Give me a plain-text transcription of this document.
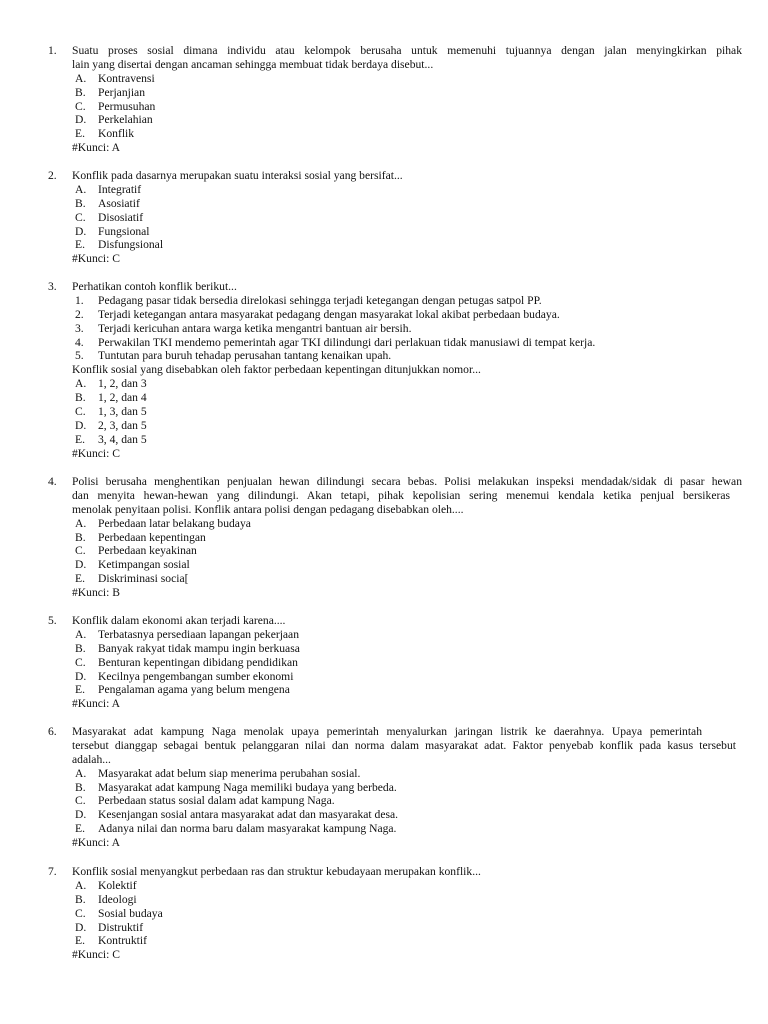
1. Suatu proses sosial dimana individu atau kelompok berusaha untuk memenuhi tujuannya dengan jalan menyingkirkan pihak
lain yang disertai dengan ancaman sehingga membuat tidak berdaya disebut...
A. Kontravensi
B. Perjanjian
C. Permusuhan
D. Perkelahian
E. Konflik
#Kunci: A
2. Konflik pada dasarnya merupakan suatu interaksi sosial yang bersifat...
A. Integratif
B. Asosiatif
C. Disosiatif
D. Fungsional
E. Disfungsional
#Kunci: C
3. Perhatikan contoh konflik berikut...
1. Pedagang pasar tidak bersedia direlokasi sehingga terjadi ketegangan dengan petugas satpol PP.
2. Terjadi ketegangan antara masyarakat pedagang dengan masyarakat lokal akibat perbedaan budaya.
3. Terjadi kericuhan antara warga ketika mengantri bantuan air bersih.
4. Perwakilan TKI mendemo pemerintah agar TKI dilindungi dari perlakuan tidak manusiawi di tempat kerja.
5. Tuntutan para buruh tehadap perusahan tantang kenaikan upah.
Konflik sosial yang disebabkan oleh faktor perbedaan kepentingan ditunjukkan nomor...
A. 1, 2, dan 3
B. 1, 2, dan 4
C. 1, 3, dan 5
D. 2, 3, dan 5
E. 3, 4, dan 5
#Kunci: C
4. Polisi berusaha menghentikan penjualan hewan dilindungi secara bebas. Polisi melakukan inspeksi mendadak/sidak di pasar hewan
dan menyita hewan-hewan yang dilindungi. Akan tetapi, pihak kepolisian sering menemui kendala ketika penjual bersikeras
menolak penyitaan polisi. Konflik antara polisi dengan pedagang disebabkan oleh....
A. Perbedaan latar belakang budaya
B. Perbedaan kepentingan
C. Perbedaan keyakinan
D. Ketimpangan sosial
E. Diskriminasi socia[
#Kunci: B
5. Konflik dalam ekonomi akan terjadi karena....
A. Terbatasnya persediaan lapangan pekerjaan
B. Banyak rakyat tidak mampu ingin berkuasa
C. Benturan kepentingan dibidang pendidikan
D. Kecilnya pengembangan sumber ekonomi
E. Pengalaman agama yang belum mengena
#Kunci: A
6. Masyarakat adat kampung Naga menolak upaya pemerintah menyalurkan jaringan listrik ke daerahnya. Upaya pemerintah
tersebut dianggap sebagai bentuk pelanggaran nilai dan norma dalam masyarakat adat. Faktor penyebab konflik pada kasus tersebut
adalah...
A. Masyarakat adat belum siap menerima perubahan sosial.
B. Masyarakat adat kampung Naga memiliki budaya yang berbeda.
C. Perbedaan status sosial dalam adat kampung Naga.
D. Kesenjangan sosial antara masyarakat adat dan masyarakat desa.
E. Adanya nilai dan norma baru dalam masyarakat kampung Naga.
#Kunci: A
7. Konflik sosial menyangkut perbedaan ras dan struktur kebudayaan merupakan konflik...
A. Kolektif
B. Ideologi
C. Sosial budaya
D. Distruktif
E. Kontruktif
#Kunci: C
